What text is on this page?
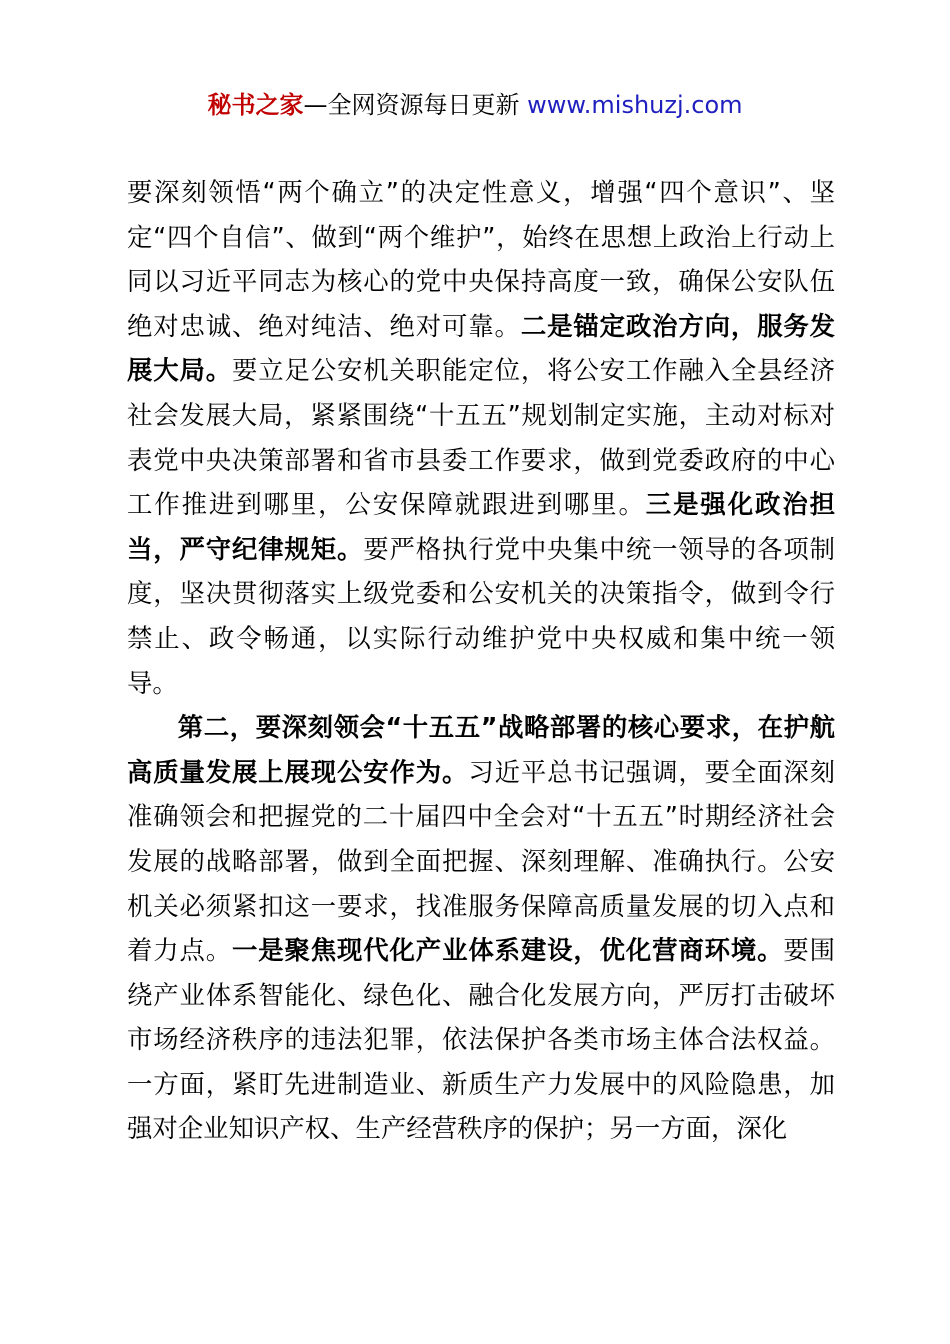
秘书之家—全网资源每日更新 www.mishuzj.com

要深刻领悟“两个确立”的决定性意义，增强“四个意识”、坚定“四个自信”、做到“两个维护”，始终在思想上政治上行动上同以习近平同志为核心的党中央保持高度一致，确保公安队伍绝对忠诚、绝对纯洁、绝对可靠。二是锚定政治方向，服务发展大局。要立足公安机关职能定位，将公安工作融入全县经济社会发展大局，紧紧围绕“十五五”规划制定实施，主动对标对表党中央决策部署和省市县委工作要求，做到党委政府的中心工作推进到哪里，公安保障就跟进到哪里。三是强化政治担当，严守纪律规矩。要严格执行党中央集中统一领导的各项制度，坚决贯彻落实上级党委和公安机关的决策指令，做到令行禁止、政令畅通，以实际行动维护党中央权威和集中统一领导。

第二，要深刻领会“十五五”战略部署的核心要求，在护航高质量发展上展现公安作为。习近平总书记强调，要全面深刻准确领会和把握党的二十届四中全会对“十五五”时期经济社会发展的战略部署，做到全面把握、深刻理解、准确执行。公安机关必须紧扣这一要求，找准服务保障高质量发展的切入点和着力点。一是聚焦现代化产业体系建设，优化营商环境。要围绕产业体系智能化、绿色化、融合化发展方向，严厉打击破坏市场经济秩序的违法犯罪，依法保护各类市场主体合法权益。一方面，紧盯先进制造业、新质生产力发展中的风险隐患，加强对企业知识产权、生产经营秩序的保护；另一方面，深化
